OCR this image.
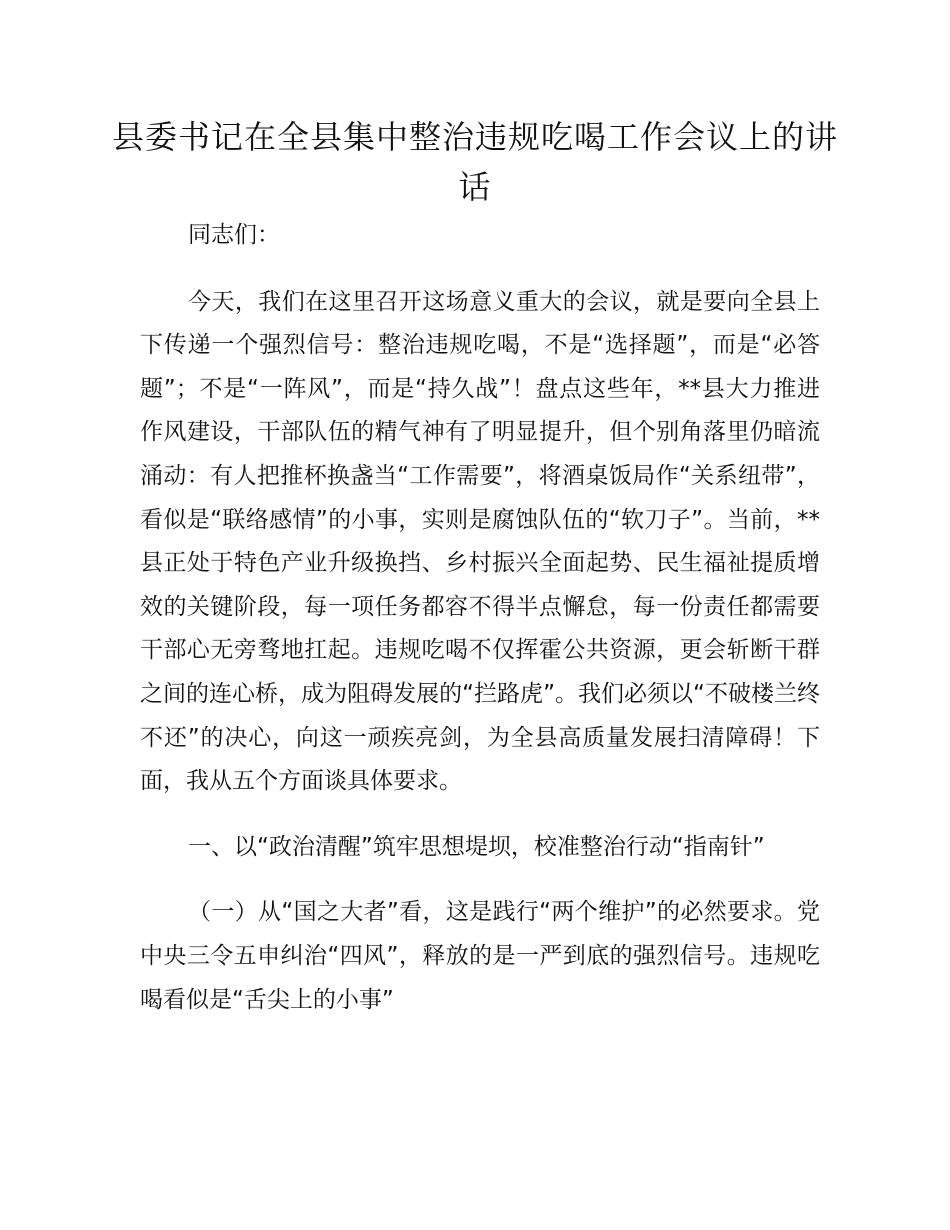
县委书记在全县集中整治违规吃喝工作会议上的讲话

同志们：

今天，我们在这里召开这场意义重大的会议，就是要向全县上下传递一个强烈信号：整治违规吃喝，不是“选择题”，而是“必答题”；不是“一阵风”，而是“持久战”！盘点这些年，**县大力推进作风建设，干部队伍的精气神有了明显提升，但个别角落里仍暗流涌动：有人把推杯换盏当“工作需要”，将酒桌饭局作“关系纽带”，看似是“联络感情”的小事，实则是腐蚀队伍的“软刀子”。当前，**县正处于特色产业升级换挡、乡村振兴全面起势、民生福祉提质增效的关键阶段，每一项任务都容不得半点懈怠，每一份责任都需要干部心无旁骛地扛起。违规吃喝不仅挥霍公共资源，更会斩断干群之间的连心桥，成为阻碍发展的“拦路虎”。我们必须以“不破楼兰终不还”的决心，向这一顽疾亮剑，为全县高质量发展扫清障碍！下面，我从五个方面谈具体要求。

一、以“政治清醒”筑牢思想堤坝，校准整治行动“指南针”

（一）从“国之大者”看，这是践行“两个维护”的必然要求。党中央三令五申纠治“四风”，释放的是一严到底的强烈信号。违规吃喝看似是“舌尖上的小事”
